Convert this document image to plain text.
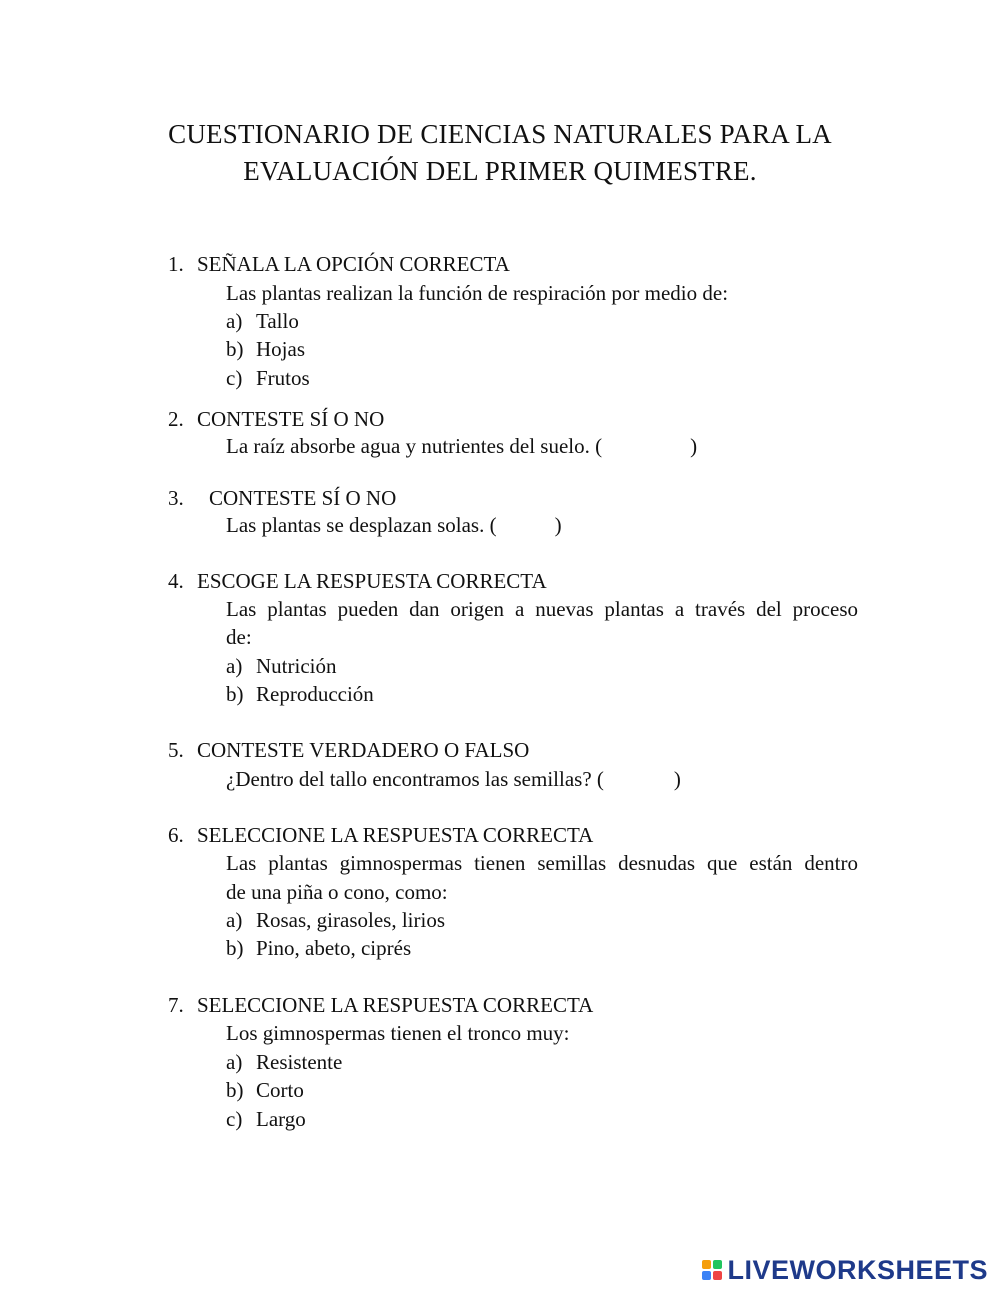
CUESTIONARIO DE CIENCIAS NATURALES PARA LA
EVALUACIÓN DEL PRIMER QUIMESTRE.
1. SEÑALA LA OPCIÓN CORRECTA
Las plantas realizan la función de respiración por medio de:
a) Tallo
b) Hojas
c) Frutos
2. CONTESTE SÍ O NO
La raíz absorbe agua y nutrientes del suelo. (	)
3. CONTESTE SÍ O NO
Las plantas se desplazan solas. (	)
4. ESCOGE LA RESPUESTA CORRECTA
Las plantas pueden dan origen a nuevas plantas a través del proceso
de:
a) Nutrición
b) Reproducción
5. CONTESTE VERDADERO O FALSO
¿Dentro del tallo encontramos las semillas? (	)
6. SELECCIONE LA RESPUESTA CORRECTA
Las plantas gimnospermas tienen semillas desnudas que están dentro
de una piña o cono, como:
a) Rosas, girasoles, lirios
b) Pino, abeto, ciprés
7. SELECCIONE LA RESPUESTA CORRECTA
Los gimnospermas tienen el tronco muy:
a) Resistente
b) Corto
c) Largo
LIVEWORKSHEETS
